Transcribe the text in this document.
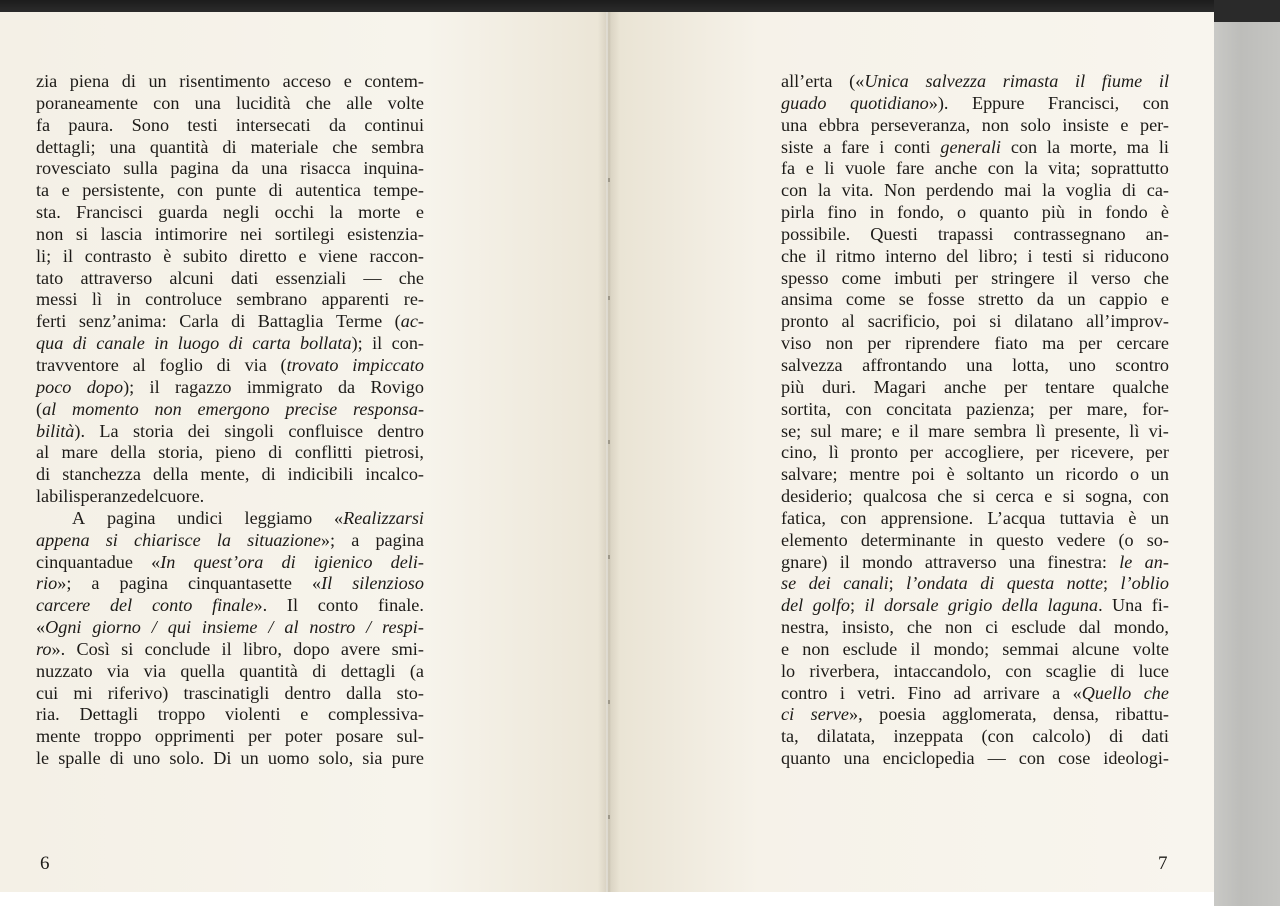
zia piena di un risentimento acceso e contem-
poraneamente con una lucidità che alle volte
fa paura. Sono testi intersecati da continui
dettagli; una quantità di materiale che sembra
rovesciato sulla pagina da una risacca inquina-
ta e persistente, con punte di autentica tempe-
sta. Francisci guarda negli occhi la morte e
non si lascia intimorire nei sortilegi esistenzia-
li; il contrasto è subito diretto e viene raccon-
tato attraverso alcuni dati essenziali — che
messi lì in controluce sembrano apparenti re-
ferti senz’anima: Carla di Battaglia Terme (ac-
qua di canale in luogo di carta bollata); il con-
travventore al foglio di via (trovato impiccato
poco dopo); il ragazzo immigrato da Rovigo
(al momento non emergono precise responsa-
bilità). La storia dei singoli confluisce dentro
al mare della storia, pieno di conflitti pietrosi,
di stanchezza della mente, di indicibili incalco-
labili speranze del cuore.
A pagina undici leggiamo «Realizzarsi
appena si chiarisce la situazione»; a pagina
cinquantadue «In quest’ora di igienico deli-
rio»; a pagina cinquantasette «Il silenzioso
carcere del conto finale». Il conto finale.
«Ogni giorno / qui insieme / al nostro / respi-
ro». Così si conclude il libro, dopo avere smi-
nuzzato via via quella quantità di dettagli (a
cui mi riferivo) trascinatigli dentro dalla sto-
ria. Dettagli troppo violenti e complessiva-
mente troppo opprimenti per poter posare sul-
le spalle di uno solo. Di un uomo solo, sia pure
all’erta («Unica salvezza rimasta il fiume il
guado quotidiano»). Eppure Francisci, con
una ebbra perseveranza, non solo insiste e per-
siste a fare i conti generali con la morte, ma li
fa e li vuole fare anche con la vita; soprattutto
con la vita. Non perdendo mai la voglia di ca-
pirla fino in fondo, o quanto più in fondo è
possibile. Questi trapassi contrassegnano an-
che il ritmo interno del libro; i testi si riducono
spesso come imbuti per stringere il verso che
ansima come se fosse stretto da un cappio e
pronto al sacrificio, poi si dilatano all’improv-
viso non per riprendere fiato ma per cercare
salvezza affrontando una lotta, uno scontro
più duri. Magari anche per tentare qualche
sortita, con concitata pazienza; per mare, for-
se; sul mare; e il mare sembra lì presente, lì vi-
cino, lì pronto per accogliere, per ricevere, per
salvare; mentre poi è soltanto un ricordo o un
desiderio; qualcosa che si cerca e si sogna, con
fatica, con apprensione. L’acqua tuttavia è un
elemento determinante in questo vedere (o so-
gnare) il mondo attraverso una finestra: le an-
se dei canali; l’ondata di questa notte; l’oblio
del golfo; il dorsale grigio della laguna. Una fi-
nestra, insisto, che non ci esclude dal mondo,
e non esclude il mondo; semmai alcune volte
lo riverbera, intaccandolo, con scaglie di luce
contro i vetri. Fino ad arrivare a «Quello che
ci serve», poesia agglomerata, densa, ribattu-
ta, dilatata, inzeppata (con calcolo) di dati
quanto una enciclopedia — con cose ideologi-
6	7
